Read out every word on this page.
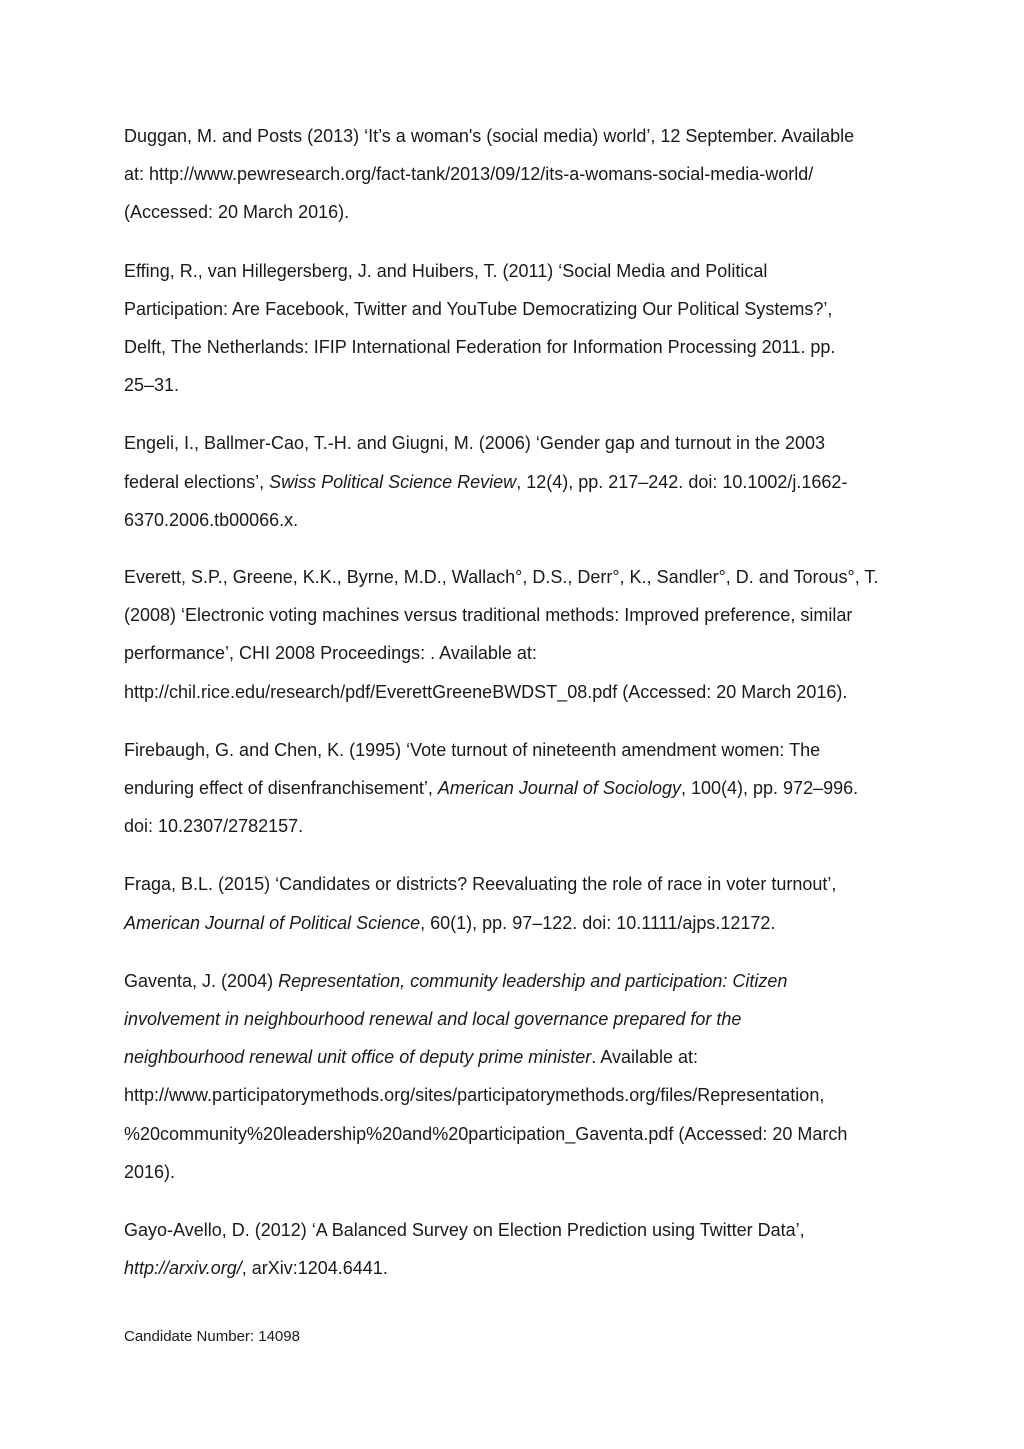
Duggan, M. and Posts (2013) ‘It’s a woman's (social media) world’, 12 September. Available
at: http://www.pewresearch.org/fact-tank/2013/09/12/its-a-womans-social-media-world/
(Accessed: 20 March 2016).

Effing, R., van Hillegersberg, J. and Huibers, T. (2011) ‘Social Media and Political
Participation: Are Facebook, Twitter and YouTube Democratizing Our Political Systems?’,
Delft, The Netherlands: IFIP International Federation for Information Processing 2011. pp.
25–31.

Engeli, I., Ballmer-Cao, T.-H. and Giugni, M. (2006) ‘Gender gap and turnout in the 2003
federal elections’, Swiss Political Science Review, 12(4), pp. 217–242. doi: 10.1002/j.1662-
6370.2006.tb00066.x.

Everett, S.P., Greene, K.K., Byrne, M.D., Wallach°, D.S., Derr°, K., Sandler°, D. and Torous°, T.
(2008) ‘Electronic voting machines versus traditional methods: Improved preference, similar
performance’, CHI 2008 Proceedings: . Available at:
http://chil.rice.edu/research/pdf/EverettGreeneBWDST_08.pdf (Accessed: 20 March 2016).

Firebaugh, G. and Chen, K. (1995) ‘Vote turnout of nineteenth amendment women: The
enduring effect of disenfranchisement’, American Journal of Sociology, 100(4), pp. 972–996.
doi: 10.2307/2782157.

Fraga, B.L. (2015) ‘Candidates or districts? Reevaluating the role of race in voter turnout’,
American Journal of Political Science, 60(1), pp. 97–122. doi: 10.1111/ajps.12172.

Gaventa, J. (2004) Representation, community leadership and participation: Citizen
involvement in neighbourhood renewal and local governance prepared for the
neighbourhood renewal unit office of deputy prime minister. Available at:
http://www.participatorymethods.org/sites/participatorymethods.org/files/Representation,
%20community%20leadership%20and%20participation_Gaventa.pdf (Accessed: 20 March
2016).

Gayo-Avello, D. (2012) ‘A Balanced Survey on Election Prediction using Twitter Data’,
http://arxiv.org/, arXiv:1204.6441.

Candidate Number: 14098
